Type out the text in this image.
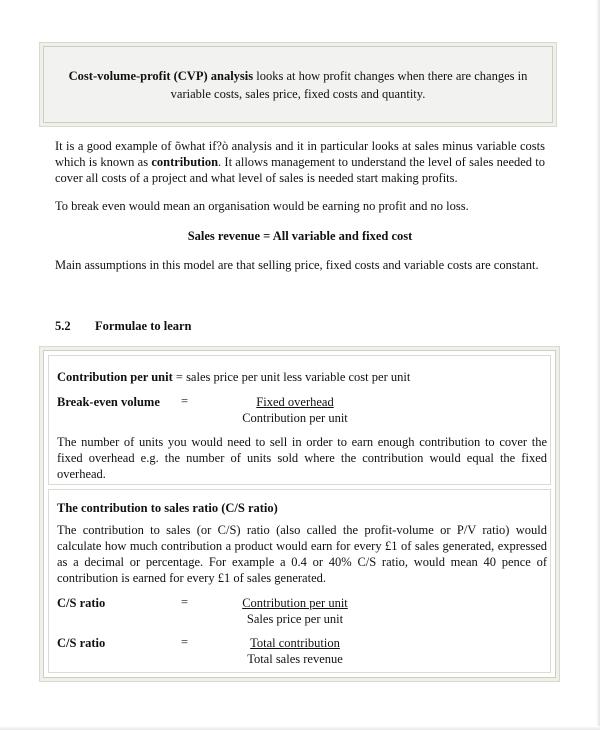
Cost-volume-profit (CVP) analysis looks at how profit changes when there are changes in variable costs, sales price, fixed costs and quantity.
It is a good example of õwhat if?ò analysis and it in particular looks at sales minus variable costs which is known as contribution. It allows management to understand the level of sales needed to cover all costs of a project and what level of sales is needed start making profits.
To break even would mean an organisation would be earning no profit and no loss.
Sales revenue = All variable and fixed cost
Main assumptions in this model are that selling price, fixed costs and variable costs are constant.
5.2 Formulae to learn
Contribution per unit = sales price per unit less variable cost per unit
Break-even volume	=	Fixed overhead
Contribution per unit
The number of units you would need to sell in order to earn enough contribution to cover the fixed overhead e.g. the number of units sold where the contribution would equal the fixed overhead.
The contribution to sales ratio (C/S ratio)
The contribution to sales (or C/S) ratio (also called the profit-volume or P/V ratio) would calculate how much contribution a product would earn for every £1 of sales generated, expressed as a decimal or percentage. For example a 0.4 or 40% C/S ratio, would mean 40 pence of contribution is earned for every £1 of sales generated.
C/S ratio	=	Contribution per unit
Sales price per unit
C/S ratio	=	Total contribution
Total sales revenue
